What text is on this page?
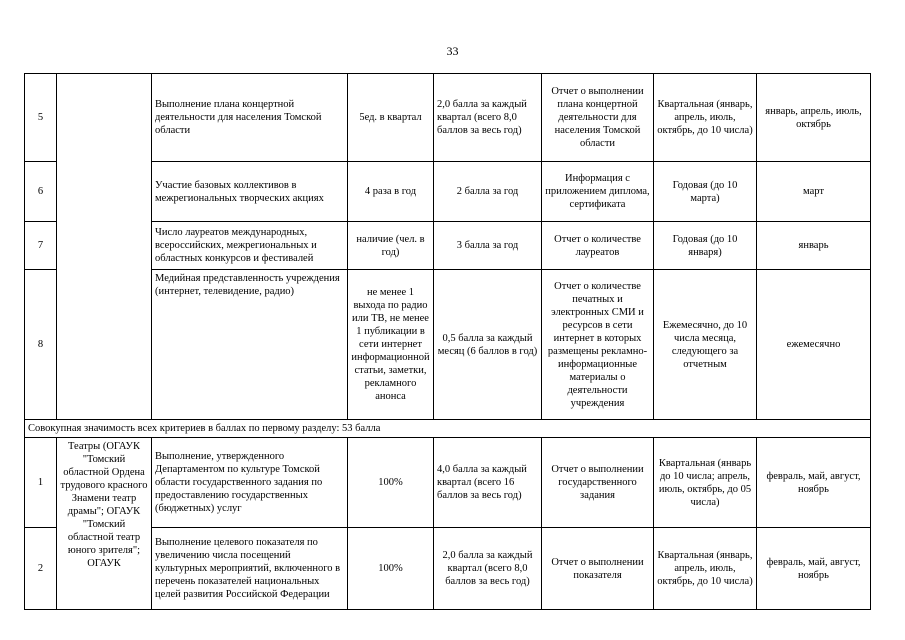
33
5		Выполнение плана концертной деятельности для населения Томской области	5ед. в квартал	2,0 балла за каждый квартал (всего 8,0 баллов за весь год)	Отчет о выполнении плана концертной деятельности для населения Томской области	Квартальная (январь, апрель, июль, октябрь, до 10 числа)	январь, апрель, июль, октябрь
6		Участие базовых коллективов в межрегиональных творческих акциях	4 раза в год	2 балла за год	Информация с приложением диплома, сертификата	Годовая (до 10 марта)	март
7		Число лауреатов международных, всероссийских, межрегиональных и областных конкурсов и фестивалей	наличие (чел. в год)	3 балла за год	Отчет о количестве лауреатов	Годовая (до 10 января)	январь
8		Медийная представленность учреждения (интернет, телевидение, радио)	не менее 1 выхода по радио или ТВ, не менее 1 публикации в сети интернет информационной статьи, заметки, рекламного анонса	0,5 балла за каждый месяц (6 баллов в год)	Отчет о количестве печатных и электронных СМИ и ресурсов в сети интернет в которых размещены рекламно-информационные материалы о деятельности учреждения	Ежемесячно, до 10 числа месяца, следующего за отчетным	ежемесячно
Совокупная значимость всех критериев в баллах по первому разделу: 53 балла							
1	Театры (ОГАУК "Томский областной Ордена трудового красного Знамени театр драмы"; ОГАУК "Томский областной театр юного зрителя"; ОГАУК	Выполнение, утвержденного Департаментом по культуре Томской области государственного задания по предоставлению государственных (бюджетных) услуг	100%	4,0 балла за каждый квартал (всего 16 баллов за весь год)	Отчет о выполнении государственного задания	Квартальная (январь до 10 числа; апрель, июль, октябрь, до 05 числа)	февраль, май, август, ноябрь
2		Выполнение целевого показателя по увеличению числа посещений культурных мероприятий, включенного в перечень показателей национальных целей развития Российской Федерации	100%	2,0 балла за каждый квартал (всего 8,0 баллов за весь год)	Отчет о выполнении показателя	Квартальная (январь, апрель, июль, октябрь, до 10 числа)	февраль, май, август, ноябрь
